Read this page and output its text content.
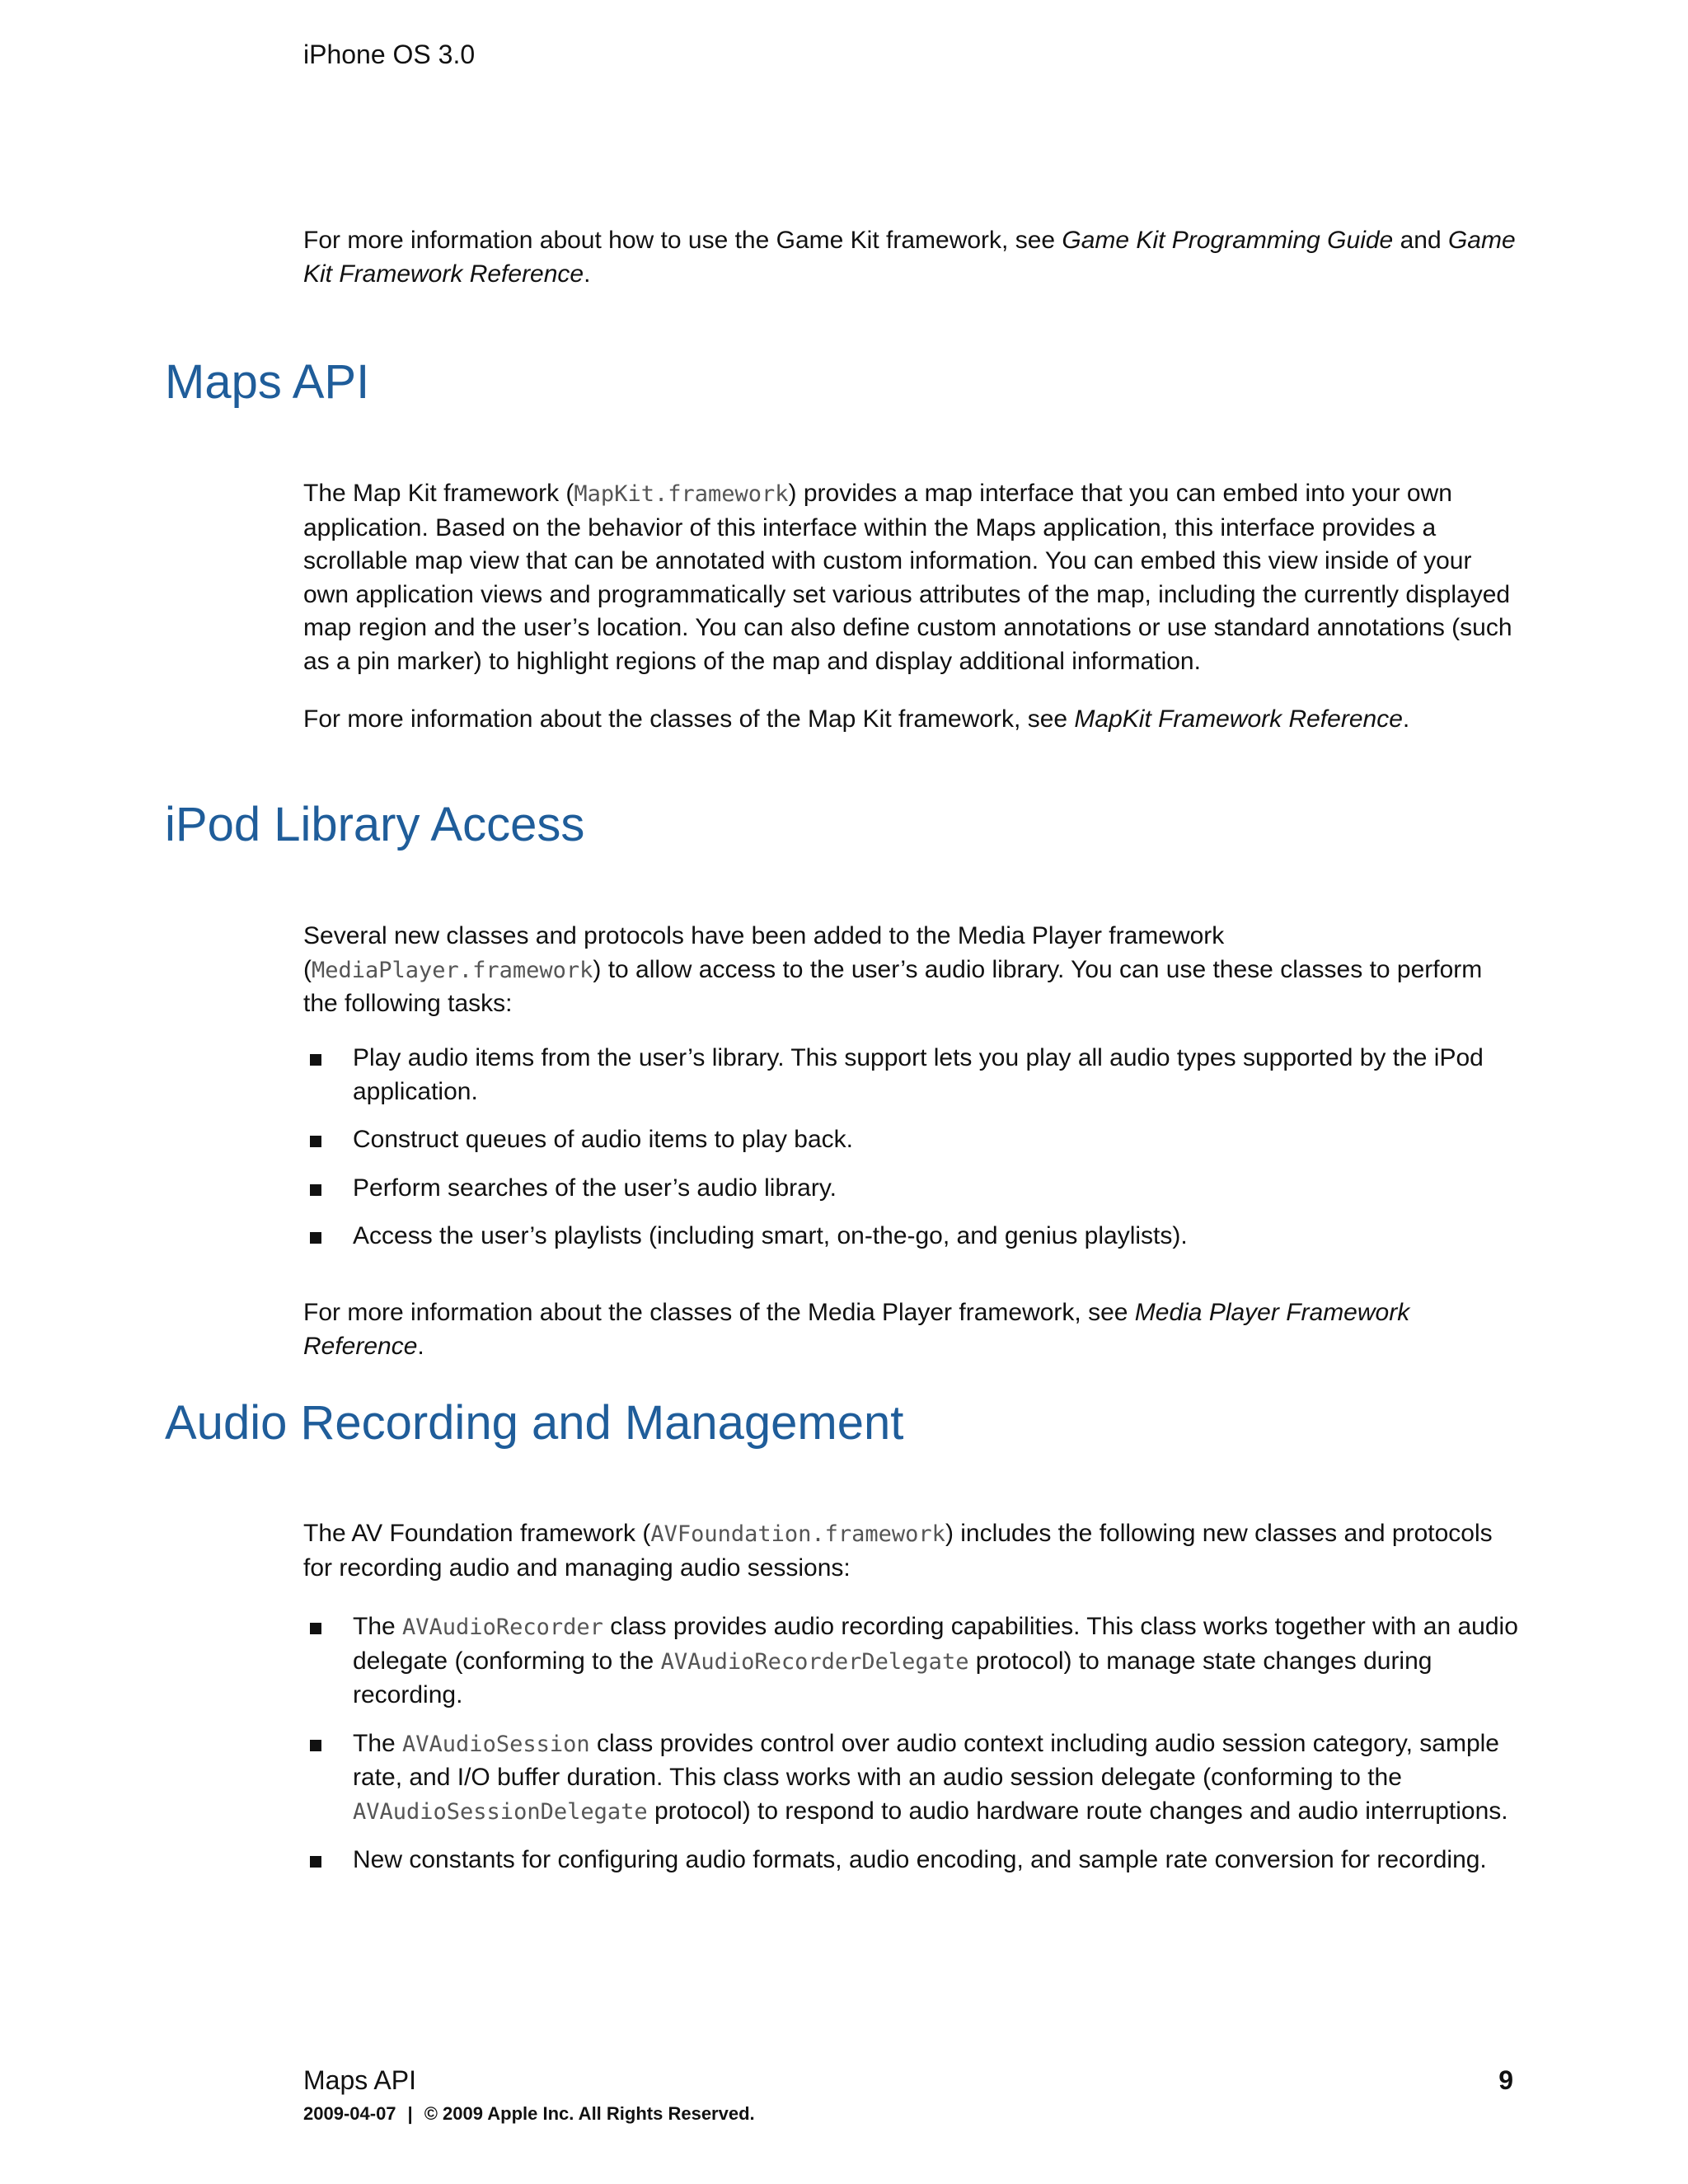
iPhone OS 3.0

For more information about how to use the Game Kit framework, see Game Kit Programming Guide and Game Kit Framework Reference.

Maps API

The Map Kit framework (MapKit.framework) provides a map interface that you can embed into your own application. Based on the behavior of this interface within the Maps application, this interface provides a scrollable map view that can be annotated with custom information. You can embed this view inside of your own application views and programmatically set various attributes of the map, including the currently displayed map region and the user’s location. You can also define custom annotations or use standard annotations (such as a pin marker) to highlight regions of the map and display additional information.

For more information about the classes of the Map Kit framework, see MapKit Framework Reference.

iPod Library Access

Several new classes and protocols have been added to the Media Player framework (MediaPlayer.framework) to allow access to the user’s audio library. You can use these classes to perform the following tasks:

Play audio items from the user’s library. This support lets you play all audio types supported by the iPod application.
Construct queues of audio items to play back.
Perform searches of the user’s audio library.
Access the user’s playlists (including smart, on-the-go, and genius playlists).

For more information about the classes of the Media Player framework, see Media Player Framework Reference.

Audio Recording and Management

The AV Foundation framework (AVFoundation.framework) includes the following new classes and protocols for recording audio and managing audio sessions:

The AVAudioRecorder class provides audio recording capabilities. This class works together with an audio delegate (conforming to the AVAudioRecorderDelegate protocol) to manage state changes during recording.
The AVAudioSession class provides control over audio context including audio session category, sample rate, and I/O buffer duration. This class works with an audio session delegate (conforming to the AVAudioSessionDelegate protocol) to respond to audio hardware route changes and audio interruptions.
New constants for configuring audio formats, audio encoding, and sample rate conversion for recording.
Maps API	9
2009-04-07 | © 2009 Apple Inc. All Rights Reserved.
